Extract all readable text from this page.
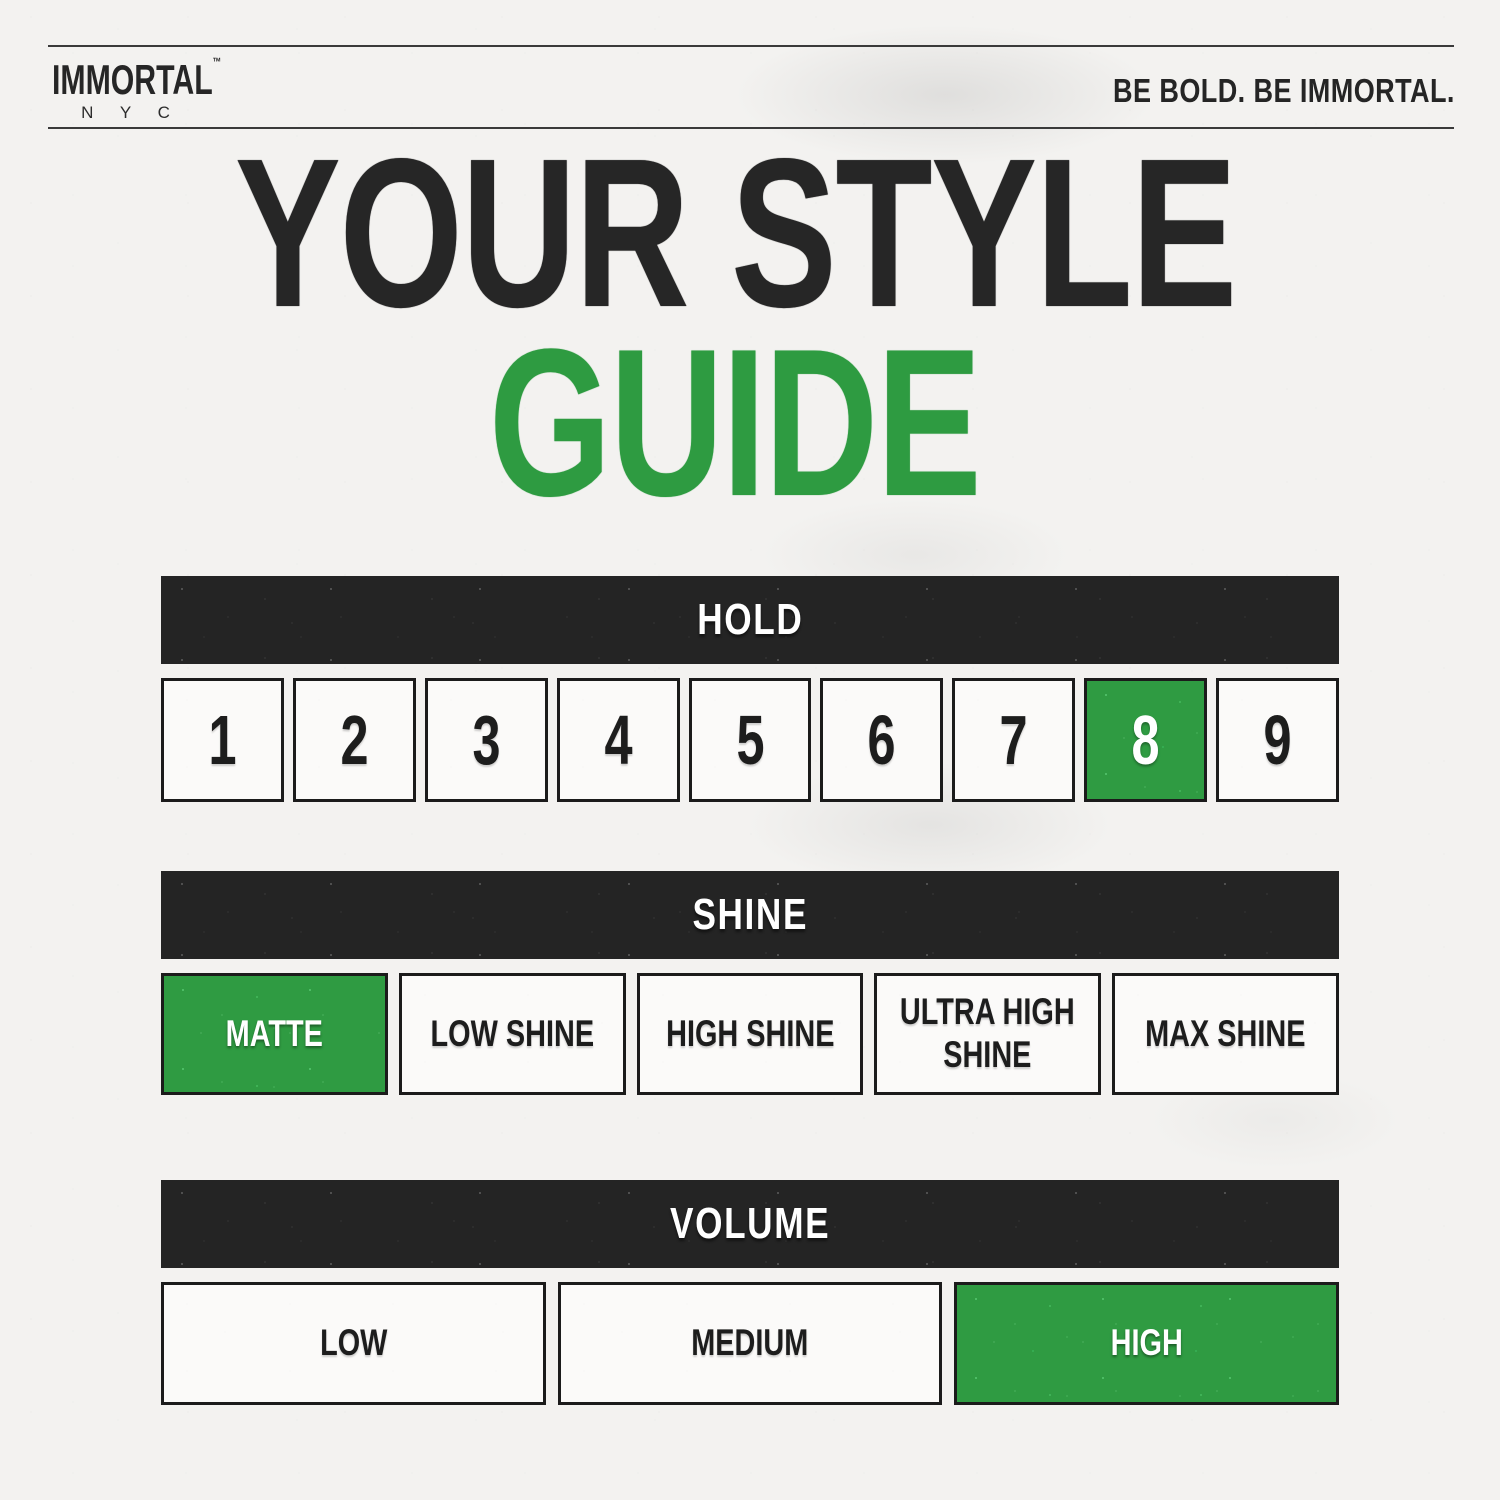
IMMORTAL™
N Y C
BE BOLD. BE IMMORTAL.
YOUR STYLE
GUIDE
HOLD
1 2 3 4 5 6 7 8 9
SHINE
MATTE	LOW SHINE	HIGH SHINE
ULTRA HIGH SHINE
MAX SHINE
VOLUME
LOW	MEDIUM	HIGH
